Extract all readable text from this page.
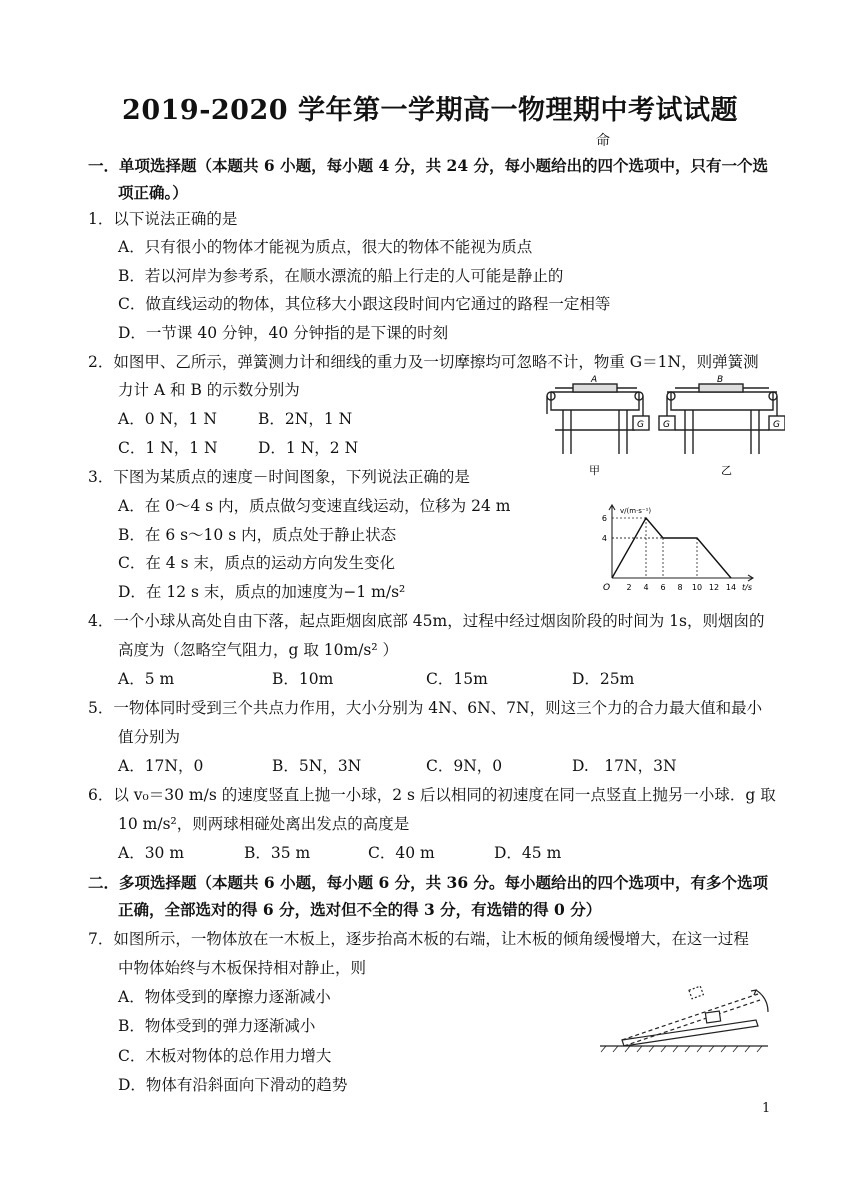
2019-2020 学年第一学期高一物理期中考试试题
命
一．单项选择题（本题共 6 小题，每小题 4 分，共 24 分，每小题给出的四个选项中，只有一个选
项正确。）
1．以下说法正确的是
A．只有很小的物体才能视为质点，很大的物体不能视为质点
B．若以河岸为参考系，在顺水漂流的船上行走的人可能是静止的
C．做直线运动的物体，其位移大小跟这段时间内它通过的路程一定相等
D．一节课 40 分钟，40 分钟指的是下课的时刻
2．如图甲、乙所示，弹簧测力计和细线的重力及一切摩擦均可忽略不计，物重 G＝1N，则弹簧测
力计 A 和 B 的示数分别为
A．0 N，1 N	B．2N，1 N
C．1 N，1 N	D．1 N，2 N
A	B
G G	G
甲	乙
3．下图为某质点的速度－时间图象，下列说法正确的是
A．在 0～4 s 内，质点做匀变速直线运动，位移为 24 m
B．在 6 s～10 s 内，质点处于静止状态
C．在 4 s 末，质点的运动方向发生变化
D．在 12 s 末，质点的加速度为−1 m/s²	2 4 6 8 10 12 14
4
6
v/(m·s⁻¹)
t/s
O
4．一个小球从高处自由下落，起点距烟囱底部 45m，过程中经过烟囱阶段的时间为 1s，则烟囱的
高度为（忽略空气阻力，g 取 10m/s² ）
A．5 m	B．10m	C．15m	D．25m
5．一物体同时受到三个共点力作用，大小分别为 4N、6N、7N，则这三个力的合力最大值和最小
值分别为
A．17N，0	B．5N，3N	C．9N，0	D.　17N，3N
6．以 v₀＝30 m/s 的速度竖直上抛一小球，2 s 后以相同的初速度在同一点竖直上抛另一小球．g 取
10 m/s²，则两球相碰处离出发点的高度是
A．30 m	B．35 m	C．40 m	D．45 m
二．多项选择题（本题共 6 小题，每小题 6 分，共 36 分。每小题给出的四个选项中，有多个选项
正确，全部选对的得 6 分，选对但不全的得 3 分，有选错的得 0 分）
7．如图所示，一物体放在一木板上，逐步抬高木板的右端，让木板的倾角缓慢增大，在这一过程
中物体始终与木板保持相对静止，则
A．物体受到的摩擦力逐渐减小
B．物体受到的弹力逐渐减小
C．木板对物体的总作用力增大
D．物体有沿斜面向下滑动的趋势
1
